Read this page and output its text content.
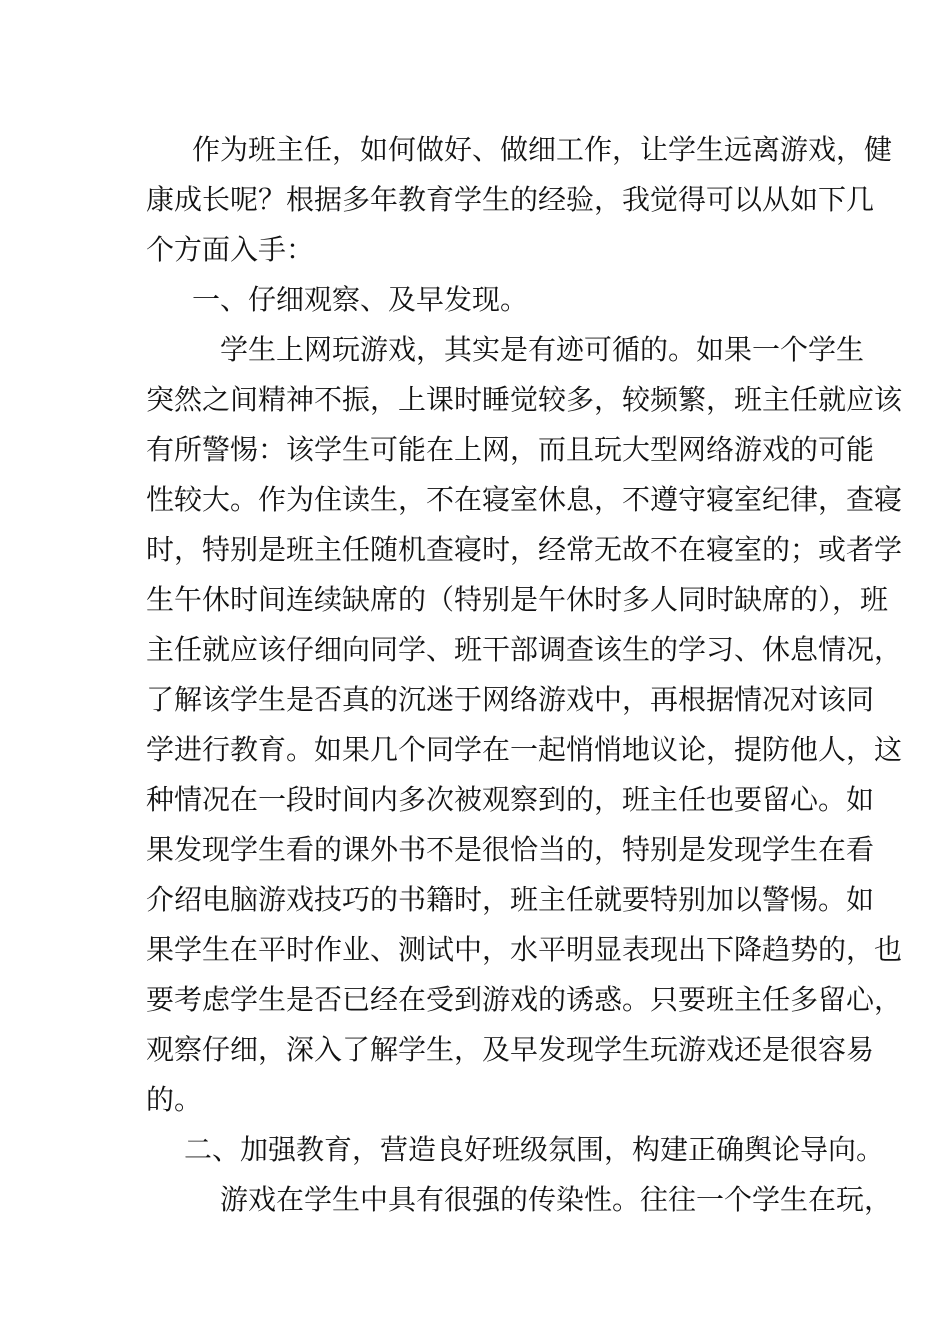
作为班主任，如何做好、做细工作，让学生远离游戏，健
康成长呢？根据多年教育学生的经验，我觉得可以从如下几
个方面入手：
一、仔细观察、及早发现。
学生上网玩游戏，其实是有迹可循的。如果一个学生
突然之间精神不振，上课时睡觉较多，较频繁，班主任就应该
有所警惕：该学生可能在上网，而且玩大型网络游戏的可能
性较大。作为住读生，不在寝室休息，不遵守寝室纪律，查寝
时，特别是班主任随机查寝时，经常无故不在寝室的；或者学
生午休时间连续缺席的（特别是午休时多人同时缺席的），班
主任就应该仔细向同学、班干部调查该生的学习、休息情况，
了解该学生是否真的沉迷于网络游戏中，再根据情况对该同
学进行教育。如果几个同学在一起悄悄地议论，提防他人，这
种情况在一段时间内多次被观察到的，班主任也要留心。如
果发现学生看的课外书不是很恰当的，特别是发现学生在看
介绍电脑游戏技巧的书籍时，班主任就要特别加以警惕。如
果学生在平时作业、测试中，水平明显表现出下降趋势的，也
要考虑学生是否已经在受到游戏的诱惑。只要班主任多留心，
观察仔细，深入了解学生，及早发现学生玩游戏还是很容易
的。
二、加强教育，营造良好班级氛围，构建正确舆论导向。
游戏在学生中具有很强的传染性。往往一个学生在玩，
